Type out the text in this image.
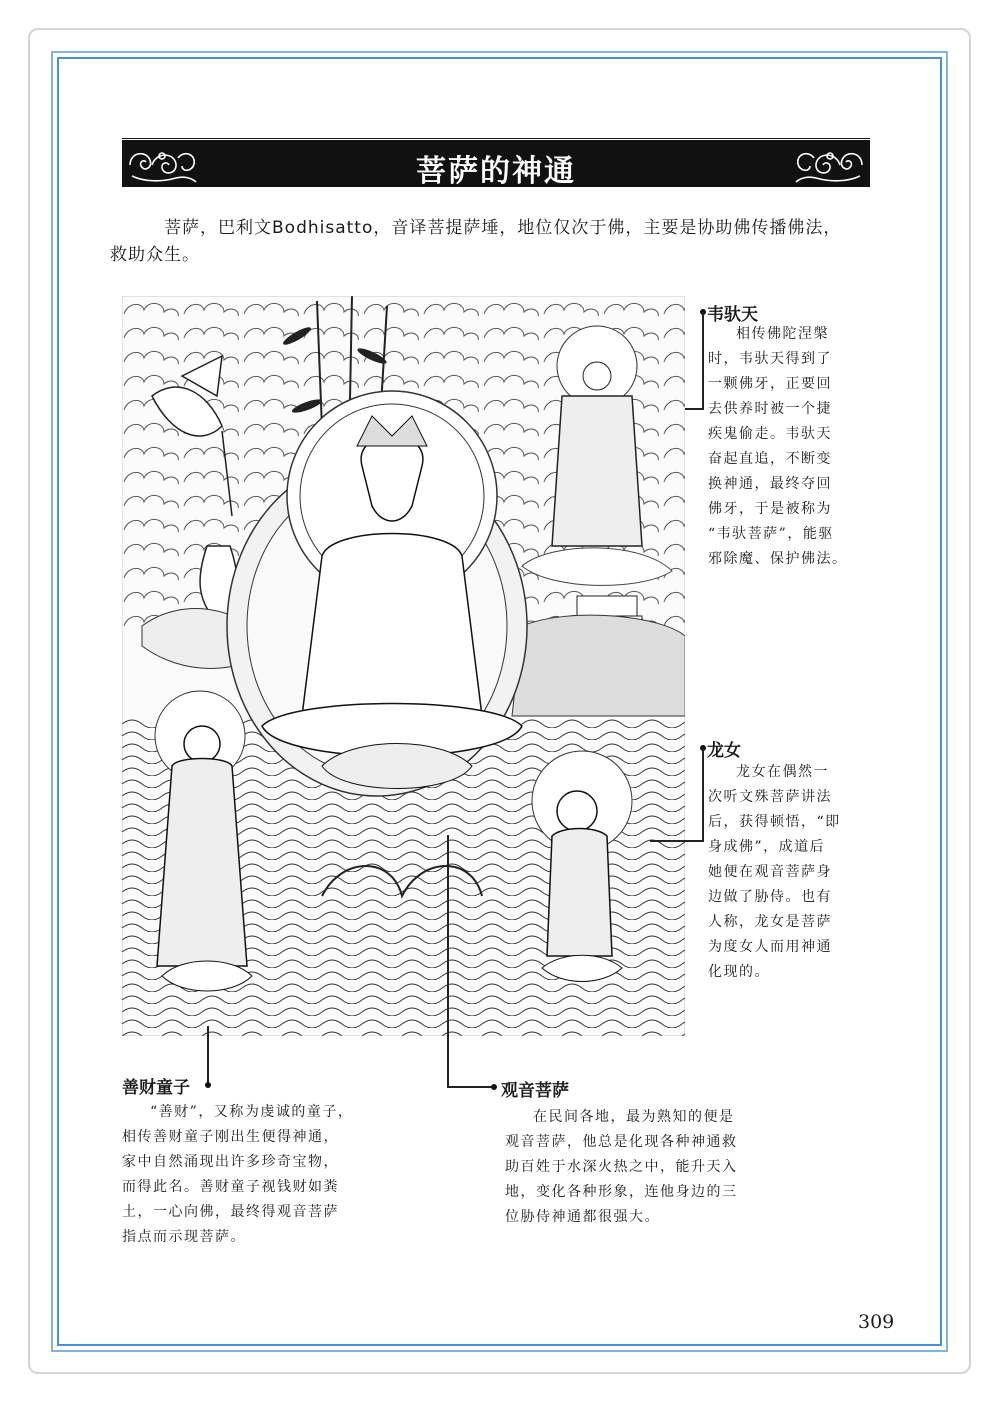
菩萨的神通

菩萨，巴利文Bodhisatto，音译菩提萨埵，地位仅次于佛，主要是协助佛传播佛法，救助众生。

韦驮天
相传佛陀涅槃
时，韦驮天得到了
一颗佛牙，正要回
去供养时被一个捷
疾鬼偷走。韦驮天
奋起直追，不断变
换神通，最终夺回
佛牙，于是被称为
“韦驮菩萨”，能驱
邪除魔、保护佛法。
龙女
龙女在偶然一
次听文殊菩萨讲法
后，获得顿悟，“即
身成佛”，成道后
她便在观音菩萨身
边做了胁侍。也有
人称，龙女是菩萨
为度女人而用神通
化现的。
善财童子
“善财”，又称为虔诚的童子，
相传善财童子刚出生便得神通，
家中自然涌现出许多珍奇宝物，
而得此名。善财童子视钱财如粪
土，一心向佛，最终得观音菩萨
指点而示现菩萨。
观音菩萨
在民间各地，最为熟知的便是
观音菩萨，他总是化现各种神通救
助百姓于水深火热之中，能升天入
地，变化各种形象，连他身边的三
位胁侍神通都很强大。
309
